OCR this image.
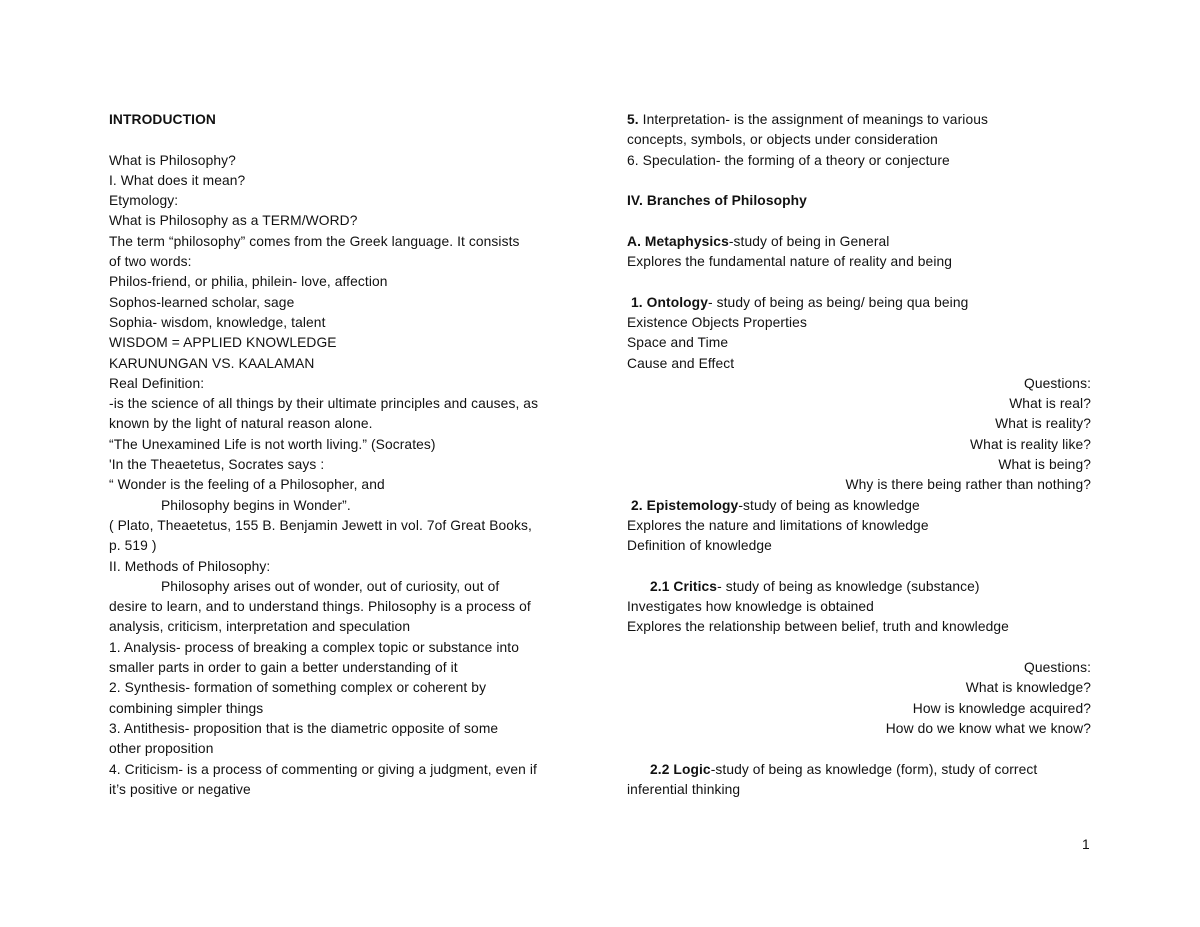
INTRODUCTION
What is Philosophy?
I. What does it mean?
Etymology:
What is Philosophy as a TERM/WORD?
The term “philosophy” comes from the Greek language. It consists
of two words:
Philos-friend, or philia, philein- love, affection
Sophos-learned scholar, sage
Sophia- wisdom, knowledge, talent
WISDOM = APPLIED KNOWLEDGE
KARUNUNGAN VS. KAALAMAN
Real Definition:
-is the science of all things by their ultimate principles and causes, as
known by the light of natural reason alone.
“The Unexamined Life is not worth living.” (Socrates)
'In the Theaetetus, Socrates says :
“ Wonder is the feeling of a Philosopher, and
Philosophy begins in Wonder”.
( Plato, Theaetetus, 155 B. Benjamin Jewett in vol. 7of Great Books,
p. 519 )
II. Methods of Philosophy:
Philosophy arises out of wonder, out of curiosity, out of
desire to learn, and to understand things. Philosophy is a process of
analysis, criticism, interpretation and speculation
1. Analysis- process of breaking a complex topic or substance into
smaller parts in order to gain a better understanding of it
2. Synthesis- formation of something complex or coherent by
combining simpler things
3. Antithesis- proposition that is the diametric opposite of some
other proposition
4. Criticism- is a process of commenting or giving a judgment, even if
it’s positive or negative
5. Interpretation- is the assignment of meanings to various
concepts, symbols, or objects under consideration
6. Speculation- the forming of a theory or conjecture
IV. Branches of Philosophy
A. Metaphysics-study of being in General
Explores the fundamental nature of reality and being
1. Ontology- study of being as being/ being qua being
Existence Objects Properties
Space and Time
Cause and Effect
Questions:
What is real?
What is reality?
What is reality like?
What is being?
Why is there being rather than nothing?
2. Epistemology-study of being as knowledge
Explores the nature and limitations of knowledge
Definition of knowledge
2.1 Critics- study of being as knowledge (substance)
Investigates how knowledge is obtained
Explores the relationship between belief, truth and knowledge
Questions:
What is knowledge?
How is knowledge acquired?
How do we know what we know?
2.2 Logic-study of being as knowledge (form), study of correct
inferential thinking
1
